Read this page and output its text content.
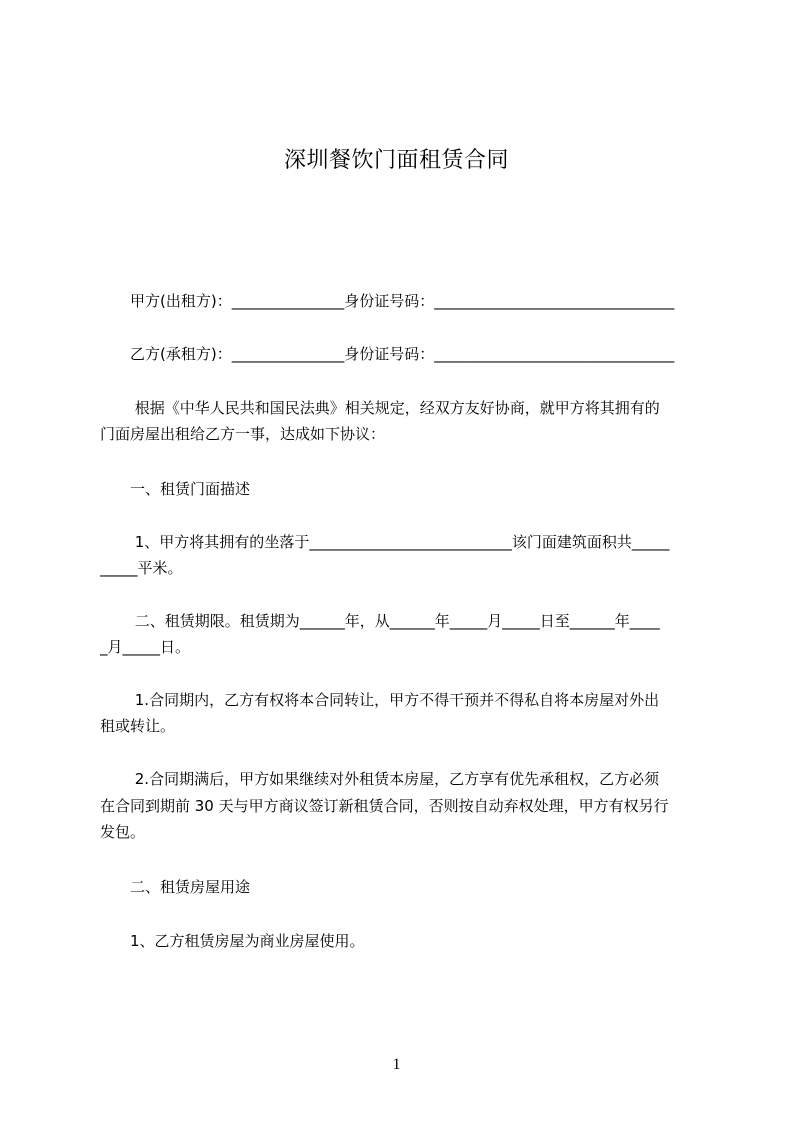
深圳餐饮门面租赁合同
　　甲方(出租方)：_______________身份证号码：________________________________
　　乙方(承租方)：_______________身份证号码：________________________________
　　 根据《中华人民共和国民法典》相关规定，经双方友好协商，就甲方将其拥有的
门面房屋出租给乙方一事，达成如下协议：
　　一、租赁门面描述
　　 1、甲方将其拥有的坐落于___________________________该门面建筑面积共_____
_____平米。
　　 二、租赁期限。租赁期为______年，从______年_____月_____日至______年____
_月_____日。
　　 1.合同期内，乙方有权将本合同转让，甲方不得干预并不得私自将本房屋对外出
租或转让。
　　 2.合同期满后，甲方如果继续对外租赁本房屋，乙方享有优先承租权，乙方必须
在合同到期前 30 天与甲方商议签订新租赁合同，否则按自动弃权处理，甲方有权另行
发包。
　　二、租赁房屋用途
　　1、乙方租赁房屋为商业房屋使用。
1
